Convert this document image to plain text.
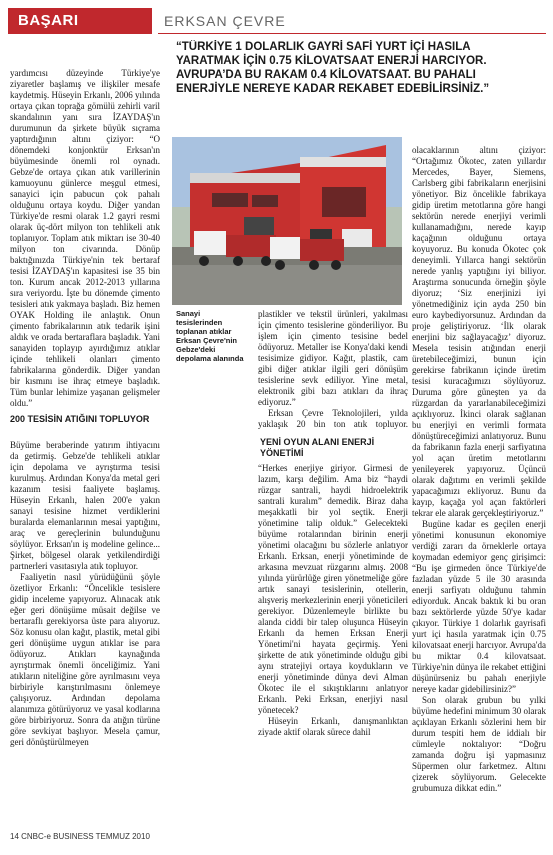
BAŞARI	ERKSAN ÇEVRE
“TÜRKİYE 1 DOLARLIK GAYRİ SAFİ YURT İÇİ HASILA YARATMAK İÇİN 0.75 KİLOVATSAAT ENERJİ HARCIYOR. AVRUPA’DA BU RAKAM 0.4 KİLOVATSAAT. BU PAHALI ENERJİYLE NEREYE KADAR REKABET EDEBİLİRSİNİZ.”

yardımcısı düzeyinde Türkiye'ye ziyaretler başlamış ve ilişkiler mesafe kaydetmiş. Hüseyin Erkanlı, 2006 yılında ortaya çıkan toprağa gömülü zehirli varil skandalının yanı sıra İZAYDAŞ'ın durumunun da şirkete büyük sıçrama yaptırdığının altını çiziyor: “O dönemdeki konjonktür Erksan'ın büyümesinde önemli rol oynadı. Gebze'de ortaya çıkan atık varillerinin kamuoyunu günlerce meşgul etmesi, sanayici için pabucun çok pahalı olduğunu ortaya koydu. Diğer yandan Türkiye'de resmi olarak 1.2 gayri resmi olarak üç-dört milyon ton tehlikeli atık toplanıyor. Toplam atık miktarı ise 30-40 milyon ton civarında. Dönüp baktığınızda Türkiye'nin tek bertaraf tesisi İZAYDAŞ'ın kapasitesi ise 35 bin ton. Kurum ancak 2012-2013 yıllarına sıra veriyordu. İşte bu dönemde çimento tesisleri atık yakmaya başladı. Biz hemen OYAK Holding ile anlaştık. Onun çimento fabrikalarının atık tedarik işini aldık ve orada bertaraflara başladık. Yani sanayiden toplayıp ayırdığımız atıklar içinde tehlikeli olanları çimento fabrikalarına gönderdik. Diğer yandan bir kısmını ise ihraç etmeye başladık. Tüm bunlar lehimize yaşanan gelişmeler oldu.”

200 TESİSİN ATIĞINI TOPLUYOR

Büyüme beraberinde yatırım ihtiyacını da getirmiş. Gebze'de tehlikeli atıklar için depolama ve ayrıştırma tesisi kurulmuş. Ardından Konya'da metal geri kazanım tesisi faaliyete başlamış. Hüseyin Erkanlı, halen 200'e yakın sanayi tesisine hizmet verdiklerini buralarda elemanlarının mesai yaptığını, araç ve gereçlerinin bulunduğunu söylüyor. Erksan'ın iş modeline gelince... Şirket, bölgesel olarak yetkilendirdiği partnerleri vasıtasıyla atık topluyor.

Faaliyetin nasıl yürüdüğünü şöyle özetliyor Erkanlı: “Öncelikle tesislere gidip inceleme yapıyoruz. Alınacak atık eğer geri dönüşüme müsait değilse ve bertaraflı gerekiyorsa üste para alıyoruz. Söz konusu olan kağıt, plastik, metal gibi geri dönüşüme uygun atıklar ise para ödüyoruz. Atıkları kaynağında ayrıştırmak önemli önceliğimiz. Yani atıkların niteliğine göre ayrılmasını veya birbiriyle karıştırılmasını önlemeye çalışıyoruz. Ardından depolama alanımıza götürüyoruz ve yasal kodlarına göre birbiriyoruz. Sonra da atığın türüne göre sevkiyat başlıyor. Mesela çamur, geri dönüştürülmeyen

Sanayi tesislerinden toplanan atıklar Erksan Çevre'nin Gebze'deki depolama alanında

plastikler ve tekstil ürünleri, yakılması için çimento tesislerine gönderiliyor. Bu işlem için çimento tesisine bedel ödüyoruz. Metaller ise Konya'daki kendi tesisimize gidiyor. Kağıt, plastik, cam gibi diğer atıklar ilgili geri dönüşüm tesislerine sevk ediliyor. Yine metal, elektronik gibi bazı atıkları da ihraç ediyoruz.”

Erksan Çevre Teknolojileri, yılda yaklaşık 20 bin ton atık topluyor.

YENİ OYUN ALANI ENERJİ YÖNETİMİ

“Herkes enerjiye giriyor. Girmesi de lazım, karşı değilim. Ama biz “haydi rüzgar santrali, haydi hidroelektrik santrali kuralım” demedik. Biraz daha meşakkatli bir yol seçtik. Enerji yönetimine talip olduk.” Gelecekteki büyüme rotalarından birinin enerji yönetimi olacağını bu sözlerle anlatıyor Erkanlı. Erksan, enerji yönetiminde de arkasına mevzuat rüzgarını almış. 2008 yılında yürürlüğe giren yönetmeliğe göre artık sanayi tesislerinin, otellerin, alışveriş merkezlerinin enerji yöneticileri gerekiyor. Düzenlemeyle birlikte bu alanda ciddi bir talep oluşunca Hüseyin Erkanlı da hemen Erksan Enerji Yönetimi'ni hayata geçirmiş. Yeni şirkette de atık yönetiminde olduğu gibi aynı stratejiyi ortaya koydukların ve enerji yönetiminde dünya devi Alman Ökotec ile el sıkıştıklarını anlatıyor Erkanlı. Peki Erksan, enerjiyi nasıl yönetecek?

Hüseyin Erkanlı, danışmanlıktan ziyade aktif olarak sürece dahil

olacaklarının altını çiziyor: “Ortağımız Ökotec, zaten yıllardır Mercedes, Bayer, Siemens, Carlsberg gibi fabrikaların enerjisini yönetiyor. Biz öncelikle fabrikaya gidip üretim metotlarına göre hangi sektörün nerede enerjiyi verimli kullanamadığını, nerede kayıp kaçağının olduğunu ortaya koyuyoruz. Bu konuda Ökotec çok deneyimli. Yıllarca hangi sektörün nerede yanlış yaptığını iyi biliyor. Araştırma sonucunda örneğin şöyle diyoruz; ‘Siz enerjinizi iyi yönetmediğiniz için ayda 250 bin euro kaybediyorsunuz. Ardından da proje geliştiriyoruz. ‘İlk olarak enerjini biz sağlayacağız’ diyoruz. Mesela tesisin atığından enerji üretebileceğimizi, bunun için gerekirse fabrikanın içinde üretim tesisi kuracağımızı söylüyoruz. Duruma göre güneşten ya da rüzgardan da yararlanabileceğimizi açıklıyoruz. İkinci olarak sağlanan bu enerjiyi en verimli formata dönüştüreceğimizi anlatıyoruz. Bunu da fabrikanın fazla enerji sarfiyatına yol açan üretim metotlarını yenileyerek yapıyoruz. Üçüncü olarak dağıtımı en verimli şekilde yapacağımızı ekliyoruz. Bunu da kayıp, kaçağa yol açan faktörleri tekrar ele alarak gerçekleştiriyoruz.”

Bugüne kadar es geçilen enerji yönetimi konusunun ekonomiye verdiği zararı da örneklerle ortaya koymadan edemiyor genç girişimci: “Bu işe girmeden önce Türkiye'de fazladan yüzde 5 ile 30 arasında enerji sarfiyatı olduğunu tahmin ediyorduk. Ancak baktık ki bu oran bazı sektörlerde yüzde 50'ye kadar çıkıyor. Türkiye 1 dolarlık gayrisafi yurt içi hasıla yaratmak için 0.75 kilovatsaat enerji harcıyor. Avrupa'da bu miktar 0.4 kilovatsaat. Türkiye'nin dünya ile rekabet ettiğini düşünürseniz bu pahalı enerjiyle nereye kadar gidebilirsiniz?”

Son olarak grubun bu yılki büyüme hedefini minimum 30 olarak açıklayan Erkanlı sözlerini hem bir durum tespiti hem de iddialı bir cümleyle noktalıyor: “Doğru zamanda doğru işi yapmasınız Süpermen olur farketmez. Altını çizerek söylüyorum. Gelecekte grubumuza dikkat edin.”

14 CNBC-e BUSINESS TEMMUZ 2010
